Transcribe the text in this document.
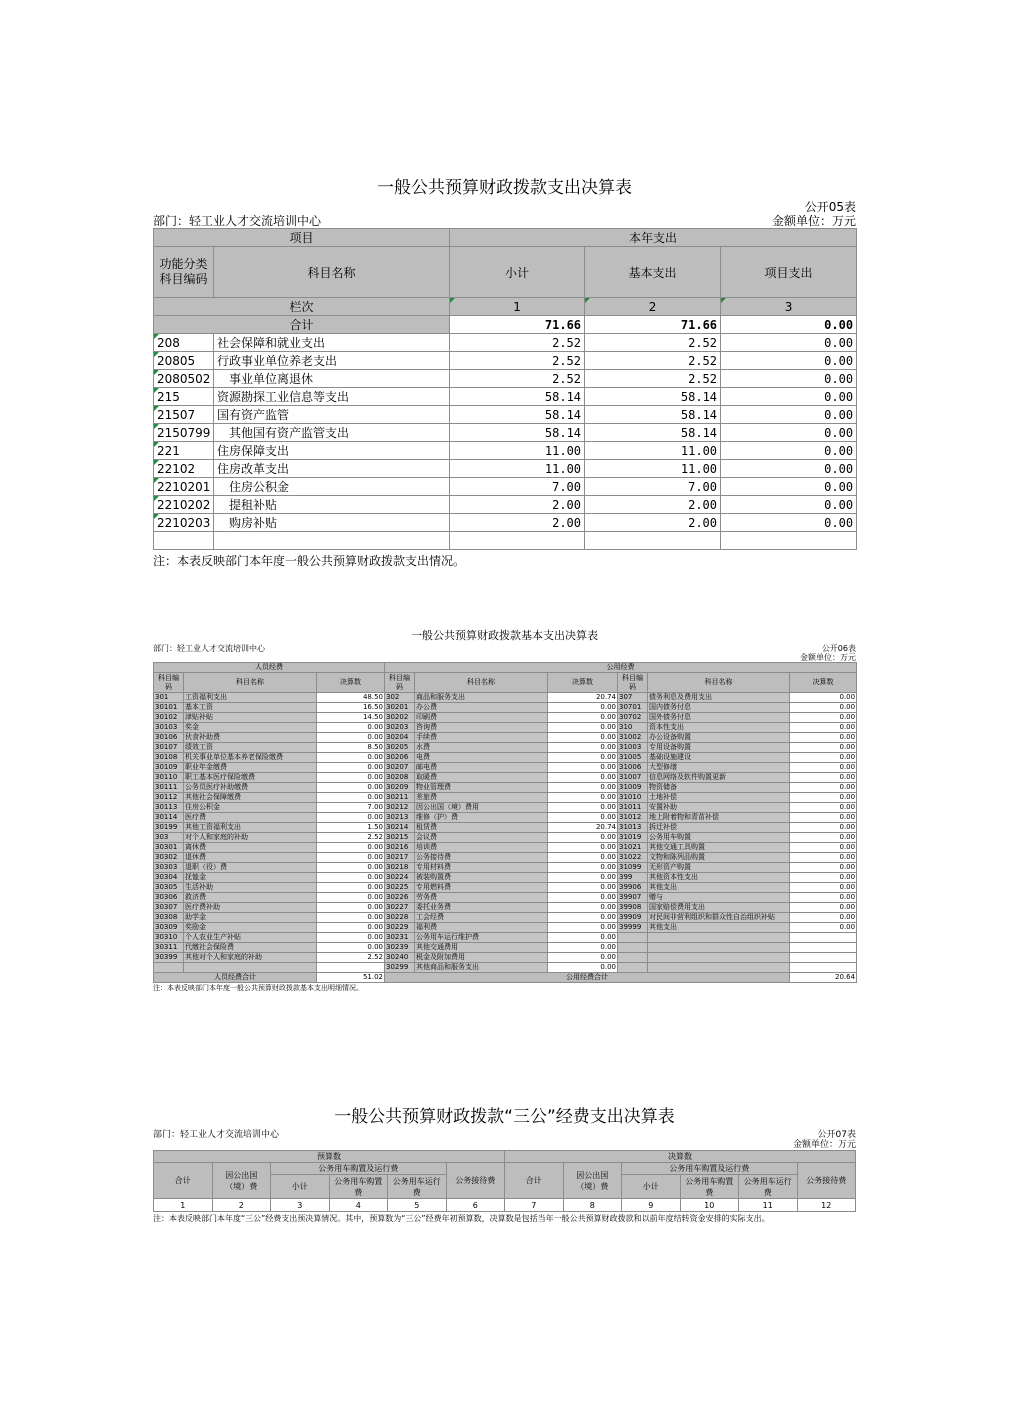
一般公共预算财政拨款支出决算表
公开05表
部门：轻工业人才交流培训中心	金额单位：万元
项目		本年支出		
功能分类科目编码	科目名称	小计	基本支出	项目支出
栏次		1	2	3
合计		71.66	71.66	0.00
208	社会保障和就业支出	2.52	2.52	0.00
20805	行政事业单位养老支出	2.52	2.52	0.00
2080502	　事业单位离退休	2.52	2.52	0.00
215	资源勘探工业信息等支出	58.14	58.14	0.00
21507	国有资产监管	58.14	58.14	0.00
2150799	　其他国有资产监管支出	58.14	58.14	0.00
221	住房保障支出	11.00	11.00	0.00
22102	住房改革支出	11.00	11.00	0.00
2210201	　住房公积金	7.00	7.00	0.00
2210202	　提租补贴	2.00	2.00	0.00
2210203	　购房补贴	2.00	2.00	0.00

注：本表反映部门本年度一般公共预算财政拨款支出情况。
一般公共预算财政拨款基本支出决算表
部门：轻工业人才交流培训中心	公开06表
金额单位：万元
人员经费			公用经费					
科目编码	科目名称	决算数	科目编码	科目名称	决算数	科目编码	科目名称	决算数
301	工资福利支出	48.50	302	商品和服务支出	20.74	307	债务利息及费用支出	0.00
30101	基本工资	16.50	30201	办公费	0.00	30701	国内债务付息	0.00
30102	津贴补贴	14.50	30202	印刷费	0.00	30702	国外债务付息	0.00
30103	奖金	0.00	30203	咨询费	0.00	310	资本性支出	0.00
30106	伙食补助费	0.00	30204	手续费	0.00	31002	办公设备购置	0.00
30107	绩效工资	8.50	30205	水费	0.00	31003	专用设备购置	0.00
30108	机关事业单位基本养老保险缴费	0.00	30206	电费	0.00	31005	基础设施建设	0.00
30109	职业年金缴费	0.00	30207	邮电费	0.00	31006	大型修缮	0.00
30110	职工基本医疗保险缴费	0.00	30208	取暖费	0.00	31007	信息网络及软件购置更新	0.00
30111	公务员医疗补助缴费	0.00	30209	物业管理费	0.00	31009	物资储备	0.00
30112	其他社会保障缴费	0.00	30211	差旅费	0.00	31010	土地补偿	0.00
30113	住房公积金	7.00	30212	因公出国（境）费用	0.00	31011	安置补助	0.00
30114	医疗费	0.00	30213	维修（护）费	0.00	31012	地上附着物和青苗补偿	0.00
30199	其他工资福利支出	1.50	30214	租赁费	20.74	31013	拆迁补偿	0.00
303	对个人和家庭的补助	2.52	30215	会议费	0.00	31019	公务用车购置	0.00
30301	离休费	0.00	30216	培训费	0.00	31021	其他交通工具购置	0.00
30302	退休费	0.00	30217	公务接待费	0.00	31022	文物和陈列品购置	0.00
30303	退职（役）费	0.00	30218	专用材料费	0.00	31099	无形资产购置	0.00
30304	抚恤金	0.00	30224	被装购置费	0.00	399	其他资本性支出	0.00
30305	生活补助	0.00	30225	专用燃料费	0.00	39906	其他支出	0.00
30306	救济费	0.00	30226	劳务费	0.00	39907	赠与	0.00
30307	医疗费补助	0.00	30227	委托业务费	0.00	39908	国家赔偿费用支出	0.00
30308	助学金	0.00	30228	工会经费	0.00	39909	对民间非营利组织和群众性自治组织补贴	0.00
30309	奖励金	0.00	30229	福利费	0.00	39999	其他支出	0.00
30310	个人农业生产补贴	0.00	30231	公务用车运行维护费	0.00			
30311	代缴社会保险费	0.00	30239	其他交通费用	0.00			
30399	其他对个人和家庭的补助	2.52	30240	税金及附加费用	0.00			
			30299	其他商品和服务支出	0.00			
人员经费合计		51.02	公用经费合计					20.64
注：本表反映部门本年度一般公共预算财政拨款基本支出明细情况。
一般公共预算财政拨款“三公”经费支出决算表
部门：轻工业人才交流培训中心	公开07表
金额单位：万元
预算数						决算数					
合计	因公出国（境）费	公务用车购置及运行费			公务接待费	合计	因公出国（境）费	公务用车购置及运行费			公务接待费
		小计	公务用车购置费	公务用车运行费				小计	公务用车购置费	公务用车运行费	
1	2	3	4	5	6	7	8	9	10	11	12
注：本表反映部门本年度“三公”经费支出预决算情况。其中，预算数为“三公”经费年初预算数，决算数是包括当年一般公共预算财政拨款和以前年度结转资金安排的实际支出。
